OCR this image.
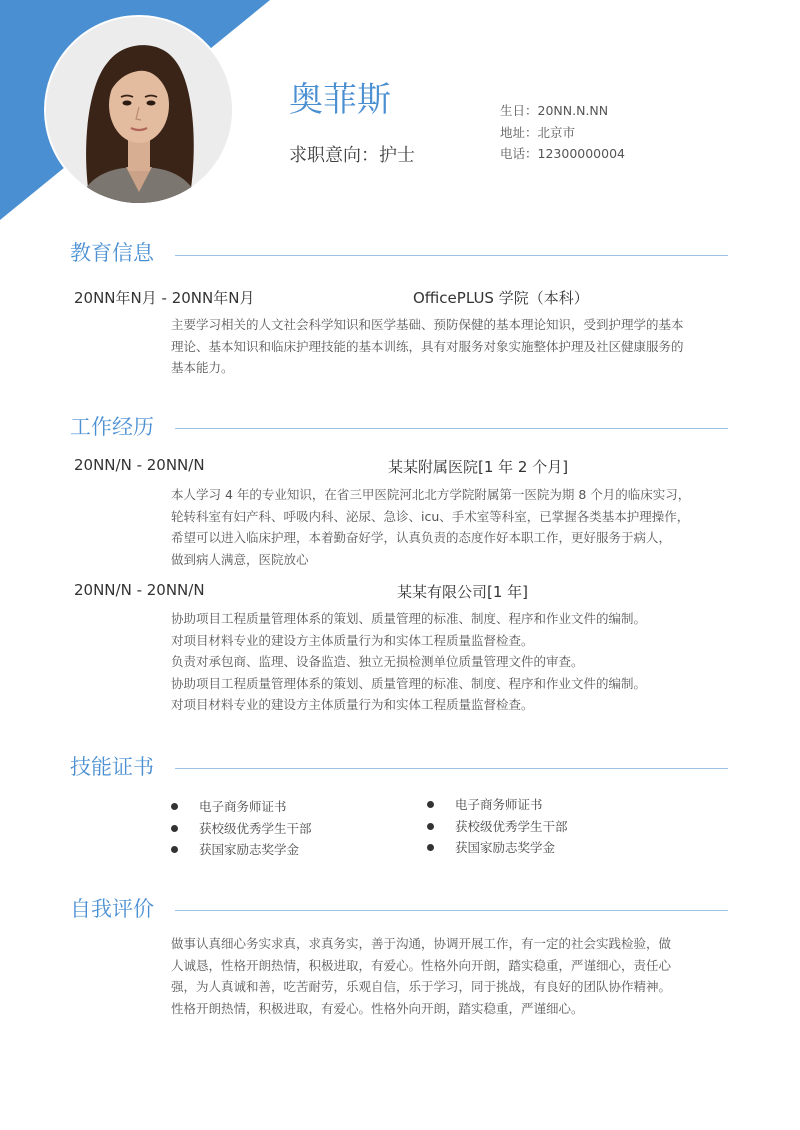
奥菲斯
求职意向：护士
生日：20NN.N.NN
地址：北京市
电话：12300000004
教育信息
20NN年N月 - 20NN年N月	OfficePLUS 学院（本科）
主要学习相关的人文社会科学知识和医学基础、预防保健的基本理论知识，受到护理学的基本
理论、基本知识和临床护理技能的基本训练，具有对服务对象实施整体护理及社区健康服务的
基本能力。
工作经历
20NN/N - 20NN/N	某某附属医院[1 年 2 个月]
本人学习 4 年的专业知识，在省三甲医院河北北方学院附属第一医院为期 8 个月的临床实习，
轮转科室有妇产科、呼吸内科、泌尿、急诊、icu、手术室等科室，已掌握各类基本护理操作，
希望可以进入临床护理，本着勤奋好学，认真负责的态度作好本职工作，更好服务于病人，
做到病人满意，医院放心
20NN/N - 20NN/N	某某有限公司[1 年]
协助项目工程质量管理体系的策划、质量管理的标准、制度、程序和作业文件的编制。
对项目材料专业的建设方主体质量行为和实体工程质量监督检查。
负责对承包商、监理、设备监造、独立无损检测单位质量管理文件的审查。
协助项目工程质量管理体系的策划、质量管理的标准、制度、程序和作业文件的编制。
对项目材料专业的建设方主体质量行为和实体工程质量监督检查。
技能证书
电子商务师证书
获校级优秀学生干部
获国家励志奖学金
电子商务师证书
获校级优秀学生干部
获国家励志奖学金
自我评价
做事认真细心务实求真，求真务实，善于沟通，协调开展工作，有一定的社会实践检验，做
人诚恳，性格开朗热情，积极进取，有爱心。性格外向开朗，踏实稳重，严谨细心，责任心
强，为人真诚和善，吃苦耐劳，乐观自信，乐于学习，同于挑战，有良好的团队协作精神。
性格开朗热情，积极进取，有爱心。性格外向开朗，踏实稳重，严谨细心。
